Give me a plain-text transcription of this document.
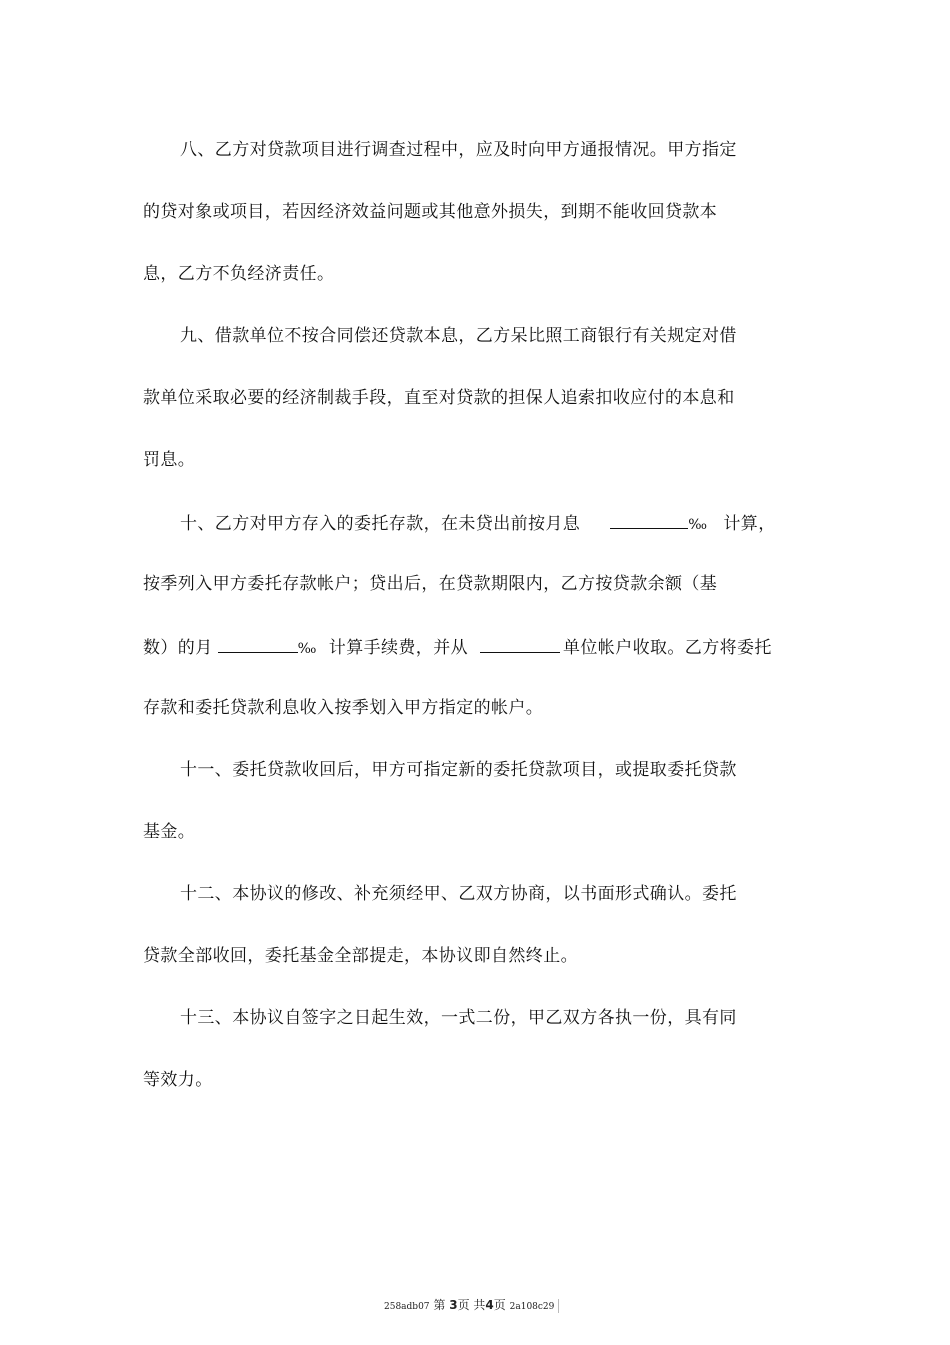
八、乙方对贷款项目进行调查过程中，应及时向甲方通报情况。甲方指定
的贷对象或项目，若因经济效益问题或其他意外损失，到期不能收回贷款本
息，乙方不负经济责任。
九、借款单位不按合同偿还贷款本息，乙方呆比照工商银行有关规定对借
款单位采取必要的经济制裁手段，直至对贷款的担保人追索扣收应付的本息和
罚息。
十、乙方对甲方存入的委托存款，在未贷出前按月息	‰ 计算，
按季列入甲方委托存款帐户；贷出后，在贷款期限内，乙方按贷款余额（基
数）的月	‰ 计算手续费，并从	单位帐户收取。乙方将委托
存款和委托贷款利息收入按季划入甲方指定的帐户。
十一、委托贷款收回后，甲方可指定新的委托贷款项目，或提取委托贷款
基金。
十二、本协议的修改、补充须经甲、乙双方协商，以书面形式确认。委托
贷款全部收回，委托基金全部提走，本协议即自然终止。
十三、本协议自签字之日起生效，一式二份，甲乙双方各执一份，具有同
等效力。
258adb07 第 3页 共4页 2a108c29
